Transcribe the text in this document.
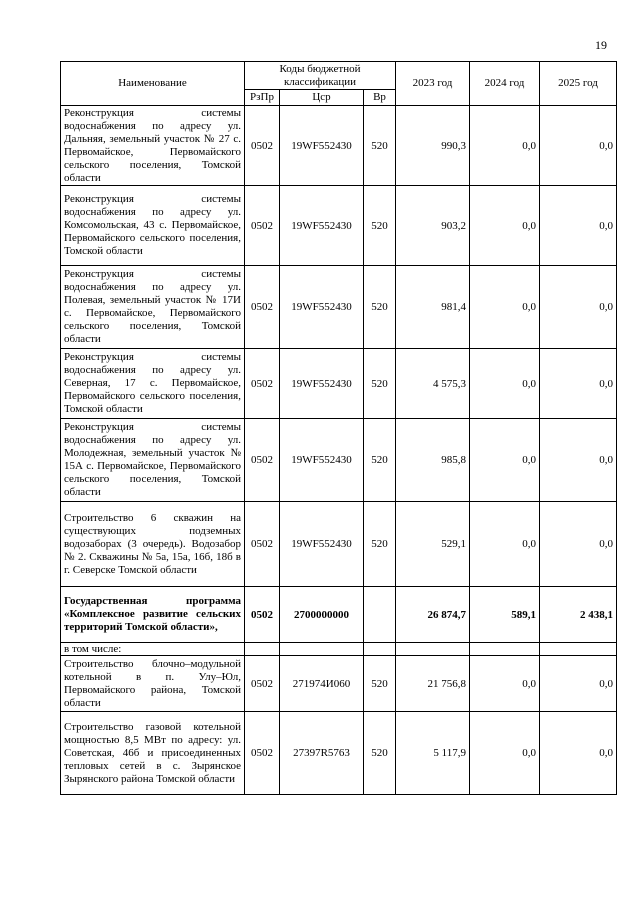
19
Наименование	Коды бюджетной классификации			2023 год	2024 год	2025 год
	РзПр	Цср	Вр			
Реконструкция системы водоснабжения по адресу ул. Дальняя, земельный участок № 27 с. Первомайское, Первомайского сельского поселения, Томской области	0502	19WF552430	520	990,3	0,0	0,0
Реконструкция системы водоснабжения по адресу ул. Комсомольская, 43 с. Первомайское, Первомайского сельского поселения, Томской области	0502	19WF552430	520	903,2	0,0	0,0
Реконструкция системы водоснабжения по адресу ул. Полевая, земельный участок № 17И с. Первомайское, Первомайского сельского поселения, Томской области	0502	19WF552430	520	981,4	0,0	0,0
Реконструкция системы водоснабжения по адресу ул. Северная, 17 с. Первомайское, Первомайского сельского поселения, Томской области	0502	19WF552430	520	4 575,3	0,0	0,0
Реконструкция системы водоснабжения по адресу ул. Молодежная, земельный участок № 15А с. Первомайское, Первомайского сельского поселения, Томской области	0502	19WF552430	520	985,8	0,0	0,0
Строительство 6 скважин на существующих подземных водозаборах (3 очередь). Водозабор № 2. Скважины № 5а, 15а, 16б, 18б в г. Северске Томской области	0502	19WF552430	520	529,1	0,0	0,0
Государственная программа «Комплексное развитие сельских территорий Томской области»,	0502	2700000000		26 874,7	589,1	2 438,1
в том числе:						
Строительство блочно–модульной котельной в п. Улу–Юл, Первомайского района, Томской области	0502	271974И060	520	21 756,8	0,0	0,0
Строительство газовой котельной мощностью 8,5 МВт по адресу: ул. Советская, 46б и присоединенных тепловых сетей в с. Зырянское Зырянского района Томской области	0502	27397R5763	520	5 117,9	0,0	0,0
